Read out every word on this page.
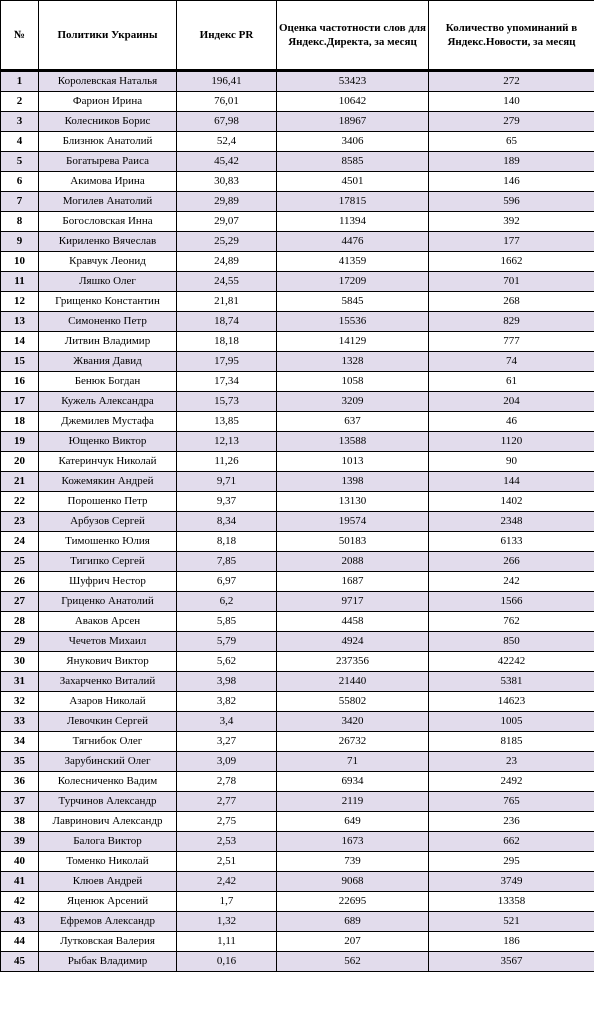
№	Политики Украины	Индекс PR	Оценка частотности слов для Яндекс.Директа, за месяц	Количество упоминаний в Яндекс.Новости, за месяц
1	Королевская Наталья	196,41	53423	272
2	Фарион Ирина	76,01	10642	140
3	Колесников Борис	67,98	18967	279
4	Близнюк Анатолий	52,4	3406	65
5	Богатырева Раиса	45,42	8585	189
6	Акимова Ирина	30,83	4501	146
7	Могилев Анатолий	29,89	17815	596
8	Богословская Инна	29,07	11394	392
9	Кириленко Вячеслав	25,29	4476	177
10	Кравчук Леонид	24,89	41359	1662
11	Ляшко Олег	24,55	17209	701
12	Грищенко Константин	21,81	5845	268
13	Симоненко Петр	18,74	15536	829
14	Литвин Владимир	18,18	14129	777
15	Жвания Давид	17,95	1328	74
16	Бенюк Богдан	17,34	1058	61
17	Кужель Александра	15,73	3209	204
18	Джемилев Мустафа	13,85	637	46
19	Ющенко Виктор	12,13	13588	1120
20	Катеринчук Николай	11,26	1013	90
21	Кожемякин Андрей	9,71	1398	144
22	Порошенко Петр	9,37	13130	1402
23	Арбузов Сергей	8,34	19574	2348
24	Тимошенко Юлия	8,18	50183	6133
25	Тигипко Сергей	7,85	2088	266
26	Шуфрич Нестор	6,97	1687	242
27	Гриценко Анатолий	6,2	9717	1566
28	Аваков Арсен	5,85	4458	762
29	Чечетов Михаил	5,79	4924	850
30	Янукович Виктор	5,62	237356	42242
31	Захарченко Виталий	3,98	21440	5381
32	Азаров Николай	3,82	55802	14623
33	Левочкин Сергей	3,4	3420	1005
34	Тягнибок Олег	3,27	26732	8185
35	Зарубинский Олег	3,09	71	23
36	Колесниченко Вадим	2,78	6934	2492
37	Турчинов Александр	2,77	2119	765
38	Лавринович Александр	2,75	649	236
39	Балога Виктор	2,53	1673	662
40	Томенко Николай	2,51	739	295
41	Клюев Андрей	2,42	9068	3749
42	Яценюк Арсений	1,7	22695	13358
43	Ефремов Александр	1,32	689	521
44	Лутковская Валерия	1,11	207	186
45	Рыбак Владимир	0,16	562	3567
